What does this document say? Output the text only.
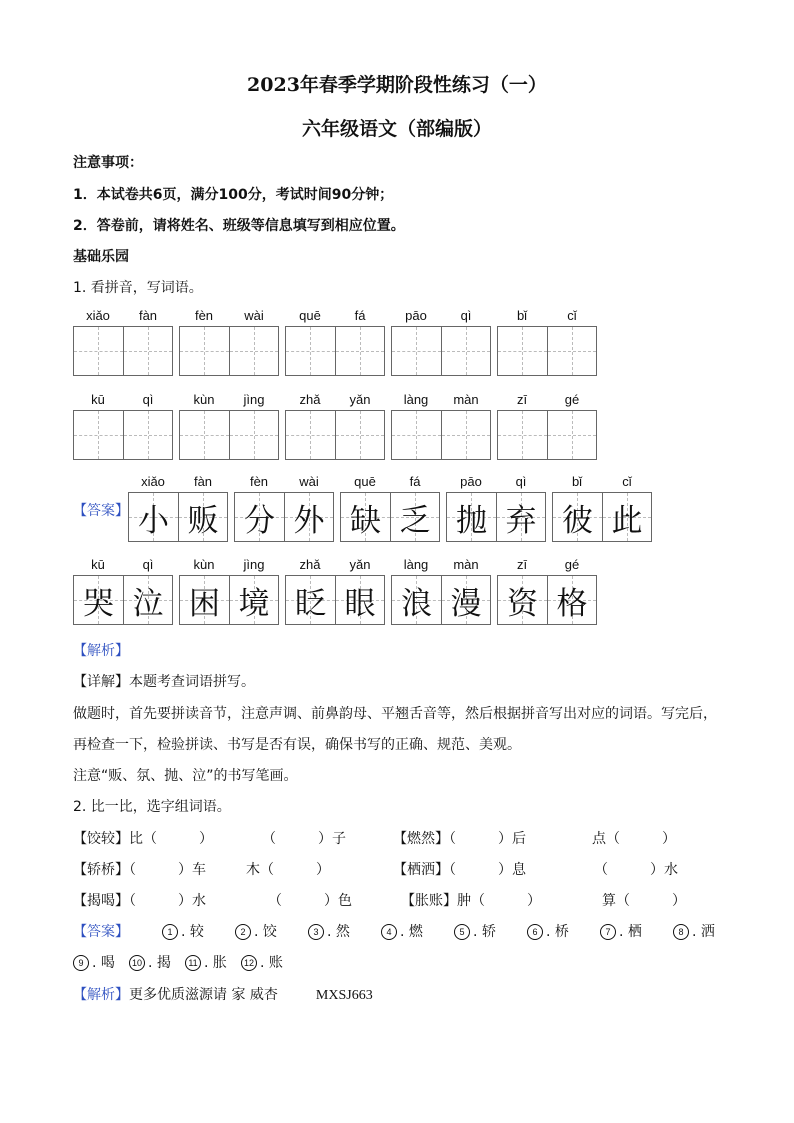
2023年春季学期阶段性练习（一）
六年级语文（部编版）
注意事项：
1．本试卷共6页，满分100分，考试时间90分钟；
2．答卷前，请将姓名、班级等信息填写到相应位置。
基础乐园
1. 看拼音，写词语。
xiǎo	fàn	fèn	wài	quē	fá	pāo	qì	bǐ	cǐ
kū	qì	kùn	jìng	zhǎ	yǎn	làng	màn	zī	gé
【答案】
xiǎo	fàn
小 贩
fèn	wài
分 外
quē	fá
缺 乏
pāo	qì
抛 弃
bǐ	cǐ
彼 此
kū	qì
哭 泣
kùn	jìng
困 境
zhǎ	yǎn
眨 眼
làng	màn
浪 漫
zī	gé
资 格
【解析】
【详解】本题考查词语拼写。
做题时，首先要拼读音节，注意声调、前鼻韵母、平翘舌音等，然后根据拼音写出对应的词语。写完后，
再检查一下，检验拼读、书写是否有误，确保书写的正确、规范、美观。
注意“贩、氛、抛、泣”的书写笔画。
2. 比一比，选字组词语。
【饺较】比（　　　）	（　　　）子	【燃然】（　　　）后	点（　　　）
【轿桥】（　　　）车	木（　　　）	【栖洒】（　　　）息	（　　　）水
【揭喝】（　　　）水	（　　　）色	【胀账】肿（　　　）	算（　　　）
【答案】	1 . 较	2 . 饺	3 . 然	4 . 燃	5 . 轿	6 . 桥	7 . 栖	8 . 洒
9 . 喝	10 . 揭	11 . 胀	12 . 账
【解析】更多优质滋源请 家 威杏	MXSJ663
